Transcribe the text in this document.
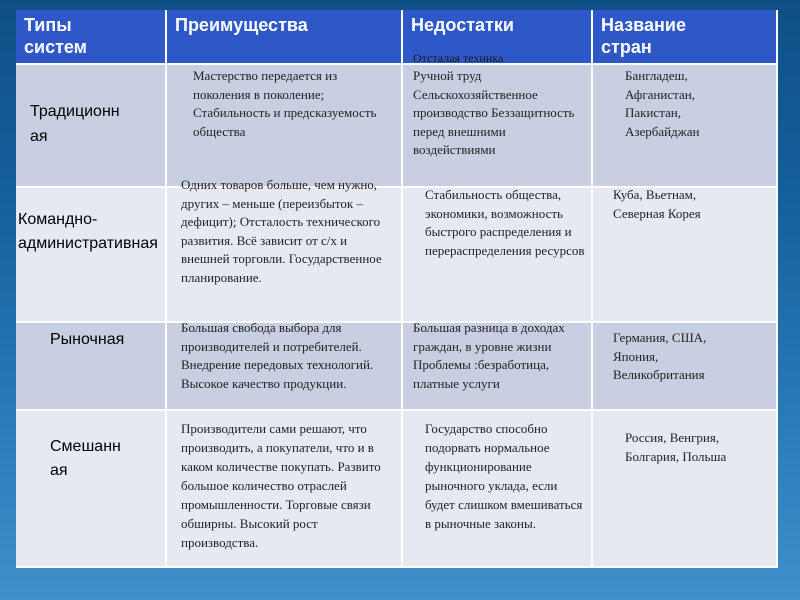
Типы систем
Преимущества	Недостатки
Отсталая техника
Название стран
Традиционн
ая
Мастерство передается из поколения в поколение; Стабильность и предсказуемость общества
Ручной труд Сельскохозяйственное производство Беззащитность перед внешними воздействиями
Бангладеш, Афганистан, Пакистан, Азербайджан
Командно-
административная
Одних товаров больше, чем нужно, других – меньше (переизбыток – дефицит); Отсталость технического развития. Всё зависит от с/х и внешней торговли. Государственное планирование.
Стабильность общества, экономики, возможность быстрого распределения и перераспределения ресурсов
Куба, Вьетнам, Северная Корея
Рыночная
Большая свобода выбора для производителей и потребителей. Внедрение передовых технологий. Высокое качество продукции.
Большая разница в доходах граждан, в уровне жизни Проблемы :безработица, платные услуги
Германия, США, Япония, Великобритания
Смешанн
ая
Производители сами решают, что производить, а покупатели, что и в каком количестве покупать. Развито большое количество отраслей промышленности. Торговые связи обширны. Высокий рост производства.
Государство способно подорвать нормальное функционирование рыночного уклада, если будет слишком вмешиваться в рыночные законы.
Россия, Венгрия, Болгария, Польша
